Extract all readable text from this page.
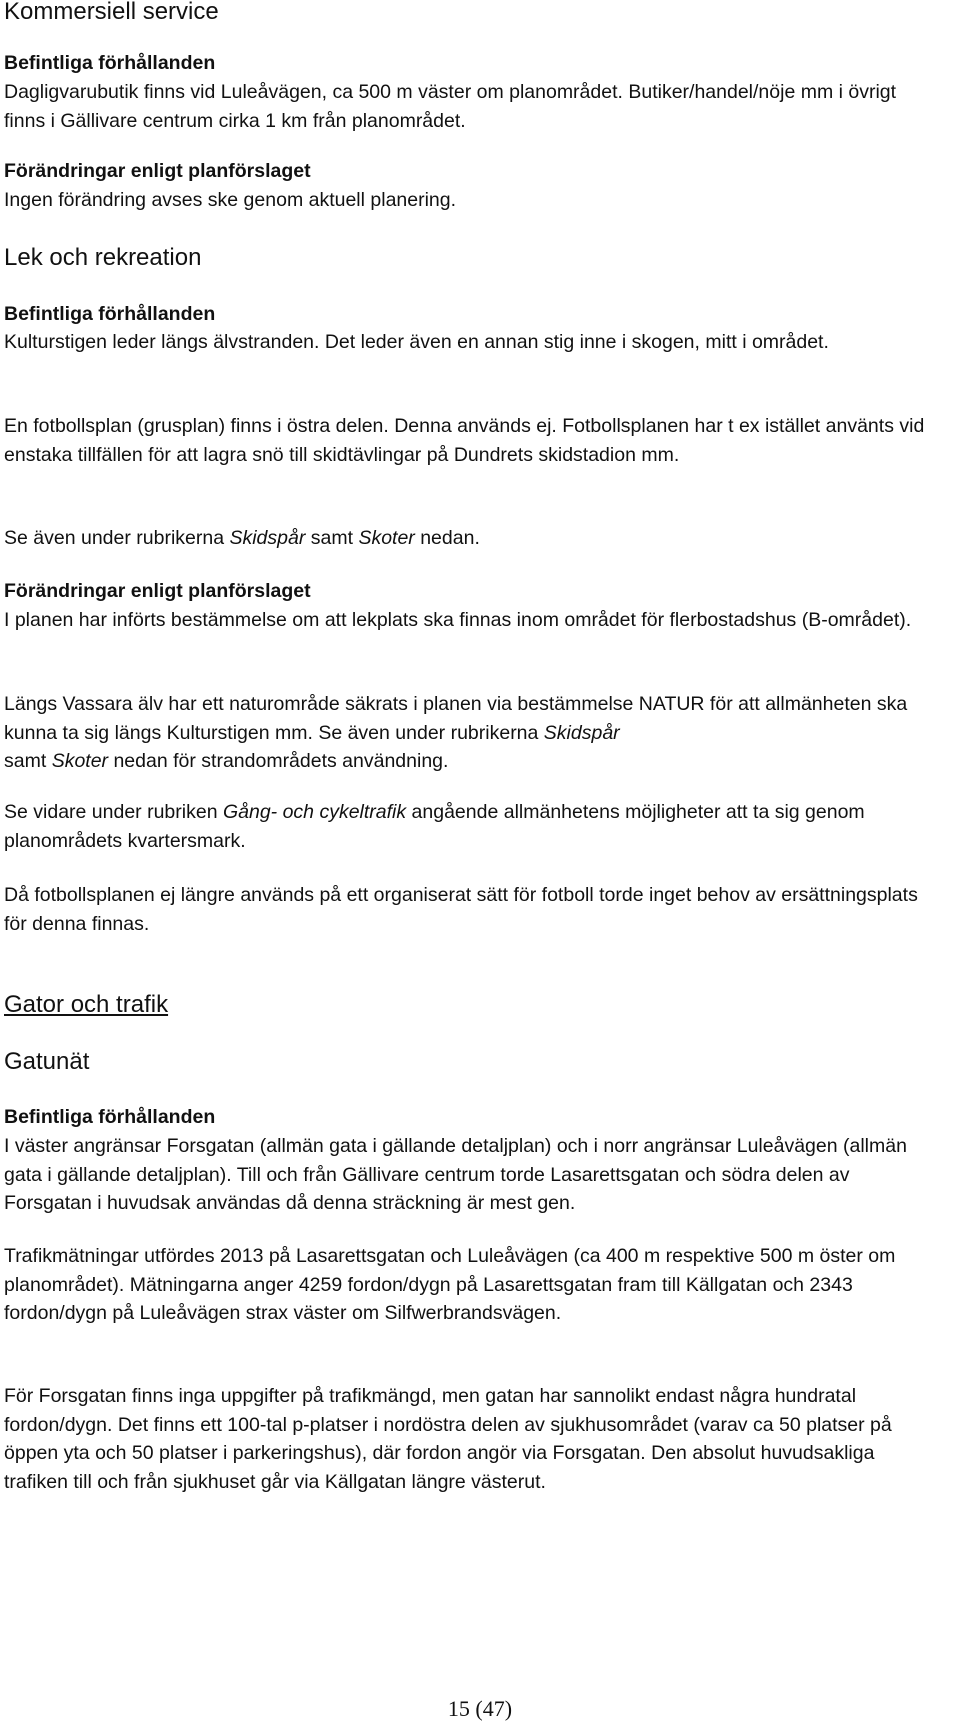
Kommersiell service
Befintliga förhållanden
Dagligvarubutik finns vid Luleåvägen, ca 500 m väster om planområdet. Butiker/handel/nöje mm i övrigt finns i Gällivare centrum cirka 1 km från planområdet.
Förändringar enligt planförslaget
Ingen förändring avses ske genom aktuell planering.
Lek och rekreation
Befintliga förhållanden
Kulturstigen leder längs älvstranden. Det leder även en annan stig inne i skogen, mitt i området.
En fotbollsplan (grusplan) finns i östra delen. Denna används ej. Fotbollsplanen har t ex istället använts vid enstaka tillfällen för att lagra snö till skidtävlingar på Dundrets skidstadion mm.
Se även under rubrikerna Skidspår samt Skoter nedan.
Förändringar enligt planförslaget
I planen har införts bestämmelse om att lekplats ska finnas inom området för flerbostadshus (B-området).
Längs Vassara älv har ett naturområde säkrats i planen via bestämmelse NATUR för att allmänheten ska kunna ta sig längs Kulturstigen mm. Se även under rubrikerna Skidspår
samt Skoter nedan för strandområdets användning.
Se vidare under rubriken Gång- och cykeltrafik angående allmänhetens möjligheter att ta sig genom planområdets kvartersmark.
Då fotbollsplanen ej längre används på ett organiserat sätt för fotboll torde inget behov av ersättningsplats för denna finnas.
Gator och trafik
Gatunät
Befintliga förhållanden
I väster angränsar Forsgatan (allmän gata i gällande detaljplan) och i norr angränsar Luleåvägen (allmän gata i gällande detaljplan). Till och från Gällivare centrum torde Lasarettsgatan och södra delen av Forsgatan i huvudsak användas då denna sträckning är mest gen.
Trafikmätningar utfördes 2013 på Lasarettsgatan och Luleåvägen (ca 400 m respektive 500 m öster om planområdet). Mätningarna anger 4259 fordon/dygn på Lasarettsgatan fram till Källgatan och 2343 fordon/dygn på Luleåvägen strax väster om Silfwerbrandsvägen.
För Forsgatan finns inga uppgifter på trafikmängd, men gatan har sannolikt endast några hundratal fordon/dygn. Det finns ett 100-tal p-platser i nordöstra delen av sjukhusområdet (varav ca 50 platser på öppen yta och 50 platser i parkeringshus), där fordon angör via Forsgatan. Den absolut huvudsakliga trafiken till och från sjukhuset går via Källgatan längre västerut.
15 (47)
